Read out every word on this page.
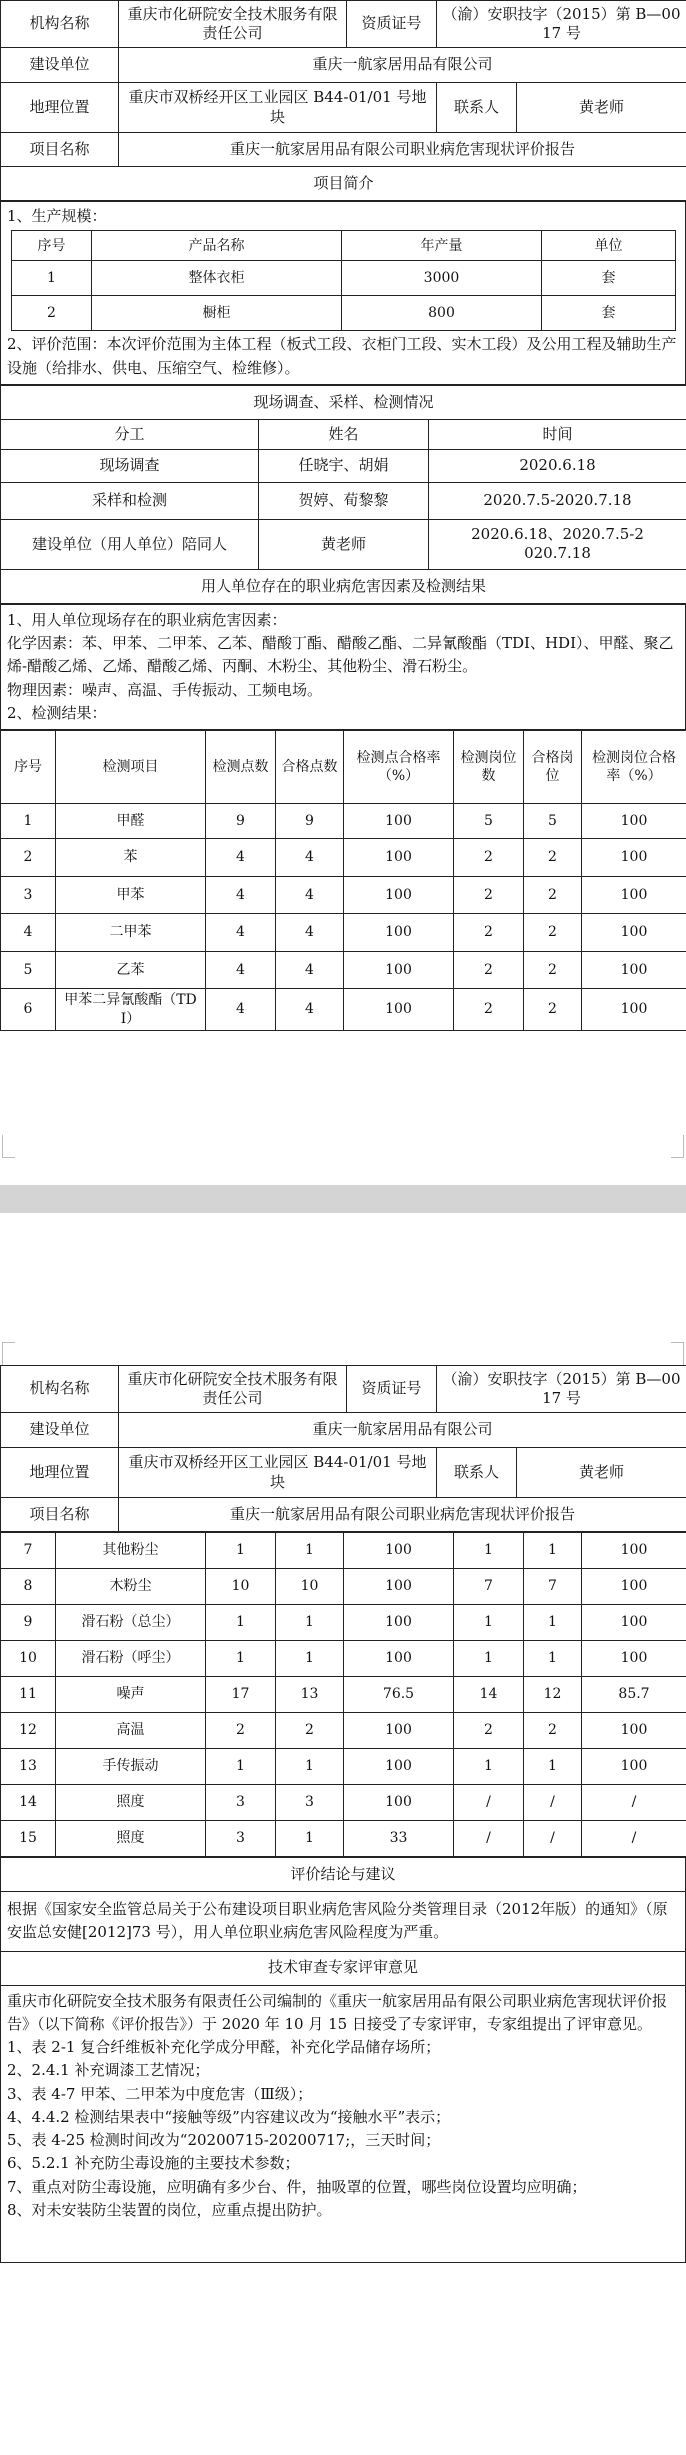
机构名称	重庆市化研院安全技术服务有限责任公司	资质证号	（渝）安职技字（2015）第 B—0017 号	
建设单位	重庆一航家居用品有限公司			
地理位置	重庆市双桥经开区工业园区 B44-01/01 号地块		联系人	黄老师
项目名称	重庆一航家居用品有限公司职业病危害现状评价报告			
项目简介				
1、生产规模：
序号	产品名称	年产量	单位
1	整体衣柜	3000	套
2	橱柜	800	套
2、评价范围：本次评价范围为主体工程（板式工段、衣柜门工段、实木工段）及公用工程及辅助生产设施（给排水、供电、压缩空气、检维修）。
现场调查、采样、检测情况		
分工	姓名	时间
现场调查	任晓宇、胡娟	2020.6.18
采样和检测	贺婷、荀黎黎	2020.7.5-2020.7.18
建设单位（用人单位）陪同人	黄老师	2020.6.18、2020.7.5-2020.7.18
用人单位存在的职业病危害因素及检测结果		
1、用人单位现场存在的职业病危害因素：
化学因素：苯、甲苯、二甲苯、乙苯、醋酸丁酯、醋酸乙酯、二异氰酸酯（TDI、HDI）、甲醛、聚乙烯-醋酸乙烯、乙烯、醋酸乙烯、丙酮、木粉尘、其他粉尘、滑石粉尘。
物理因素：噪声、高温、手传振动、工频电场。
2、检测结果：
序号	检测项目	检测点数	合格点数	检测点合格率（%）	检测岗位数	合格岗位	检测岗位合格率（%）
1	甲醛	9	9	100	5	5	100
2	苯	4	4	100	2	2	100
3	甲苯	4	4	100	2	2	100
4	二甲苯	4	4	100	2	2	100
5	乙苯	4	4	100	2	2	100
6	甲苯二异氰酸酯（TDI）	4	4	100	2	2	100
机构名称	重庆市化研院安全技术服务有限责任公司	资质证号	（渝）安职技字（2015）第 B—0017 号	
建设单位	重庆一航家居用品有限公司			
地理位置	重庆市双桥经开区工业园区 B44-01/01 号地块		联系人	黄老师
项目名称	重庆一航家居用品有限公司职业病危害现状评价报告			
7	其他粉尘	1	1	100	1	1	100
8	木粉尘	10	10	100	7	7	100
9	滑石粉（总尘）	1	1	100	1	1	100
10	滑石粉（呼尘）	1	1	100	1	1	100
11	噪声	17	13	76.5	14	12	85.7
12	高温	2	2	100	2	2	100
13	手传振动	1	1	100	1	1	100
14	照度	3	3	100	/	/	/
15	照度	3	1	33	/	/	/
评价结论与建议
根据《国家安全监管总局关于公布建设项目职业病危害风险分类管理目录（2012年版）的通知》（原安监总安健[2012]73 号），用人单位职业病危害风险程度为严重。
技术审查专家评审意见

重庆市化研院安全技术服务有限责任公司编制的《重庆一航家居用品有限公司职业病危害现状评价报告》（以下简称《评价报告》）于 2020 年 10 月 15 日接受了专家评审，专家组提出了评审意见。
1、表 2-1 复合纤维板补充化学成分甲醛，补充化学品储存场所；
2、2.4.1 补充调漆工艺情况；
3、表 4-7 甲苯、二甲苯为中度危害（Ⅲ级）；
4、4.4.2 检测结果表中“接触等级”内容建议改为“接触水平”表示；
5、表 4-25 检测时间改为“20200715-20200717;，三天时间；
6、5.2.1 补充防尘毒设施的主要技术参数；
7、重点对防尘毒设施，应明确有多少台、件，抽吸罩的位置，哪些岗位设置均应明确；
8、对未安装防尘装置的岗位，应重点提出防护。
